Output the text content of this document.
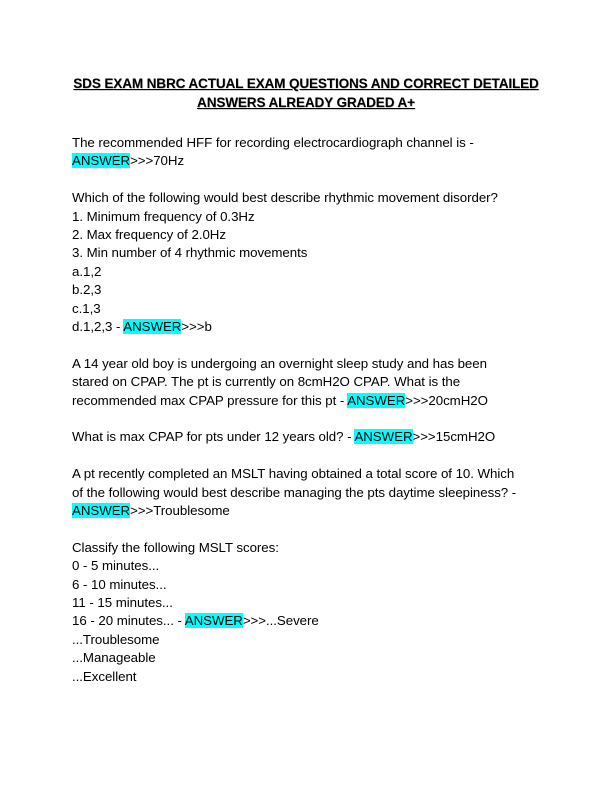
SDS EXAM NBRC ACTUAL EXAM QUESTIONS AND CORRECT DETAILED
ANSWERS ALREADY GRADED A+
The recommended HFF for recording electrocardiograph channel is -
ANSWER>>>70Hz
Which of the following would best describe rhythmic movement disorder?
1. Minimum frequency of 0.3Hz
2. Max frequency of 2.0Hz
3. Min number of 4 rhythmic movements
a.1,2
b.2,3
c.1,3
d.1,2,3 - ANSWER>>>b
A 14 year old boy is undergoing an overnight sleep study and has been
stared on CPAP. The pt is currently on 8cmH2O CPAP. What is the
recommended max CPAP pressure for this pt - ANSWER>>>20cmH2O
What is max CPAP for pts under 12 years old? - ANSWER>>>15cmH2O
A pt recently completed an MSLT having obtained a total score of 10. Which
of the following would best describe managing the pts daytime sleepiness? -
ANSWER>>>Troublesome
Classify the following MSLT scores:
0 - 5 minutes...
6 - 10 minutes...
11 - 15 minutes...
16 - 20 minutes... - ANSWER>>>...Severe
...Troublesome
...Manageable
...Excellent
